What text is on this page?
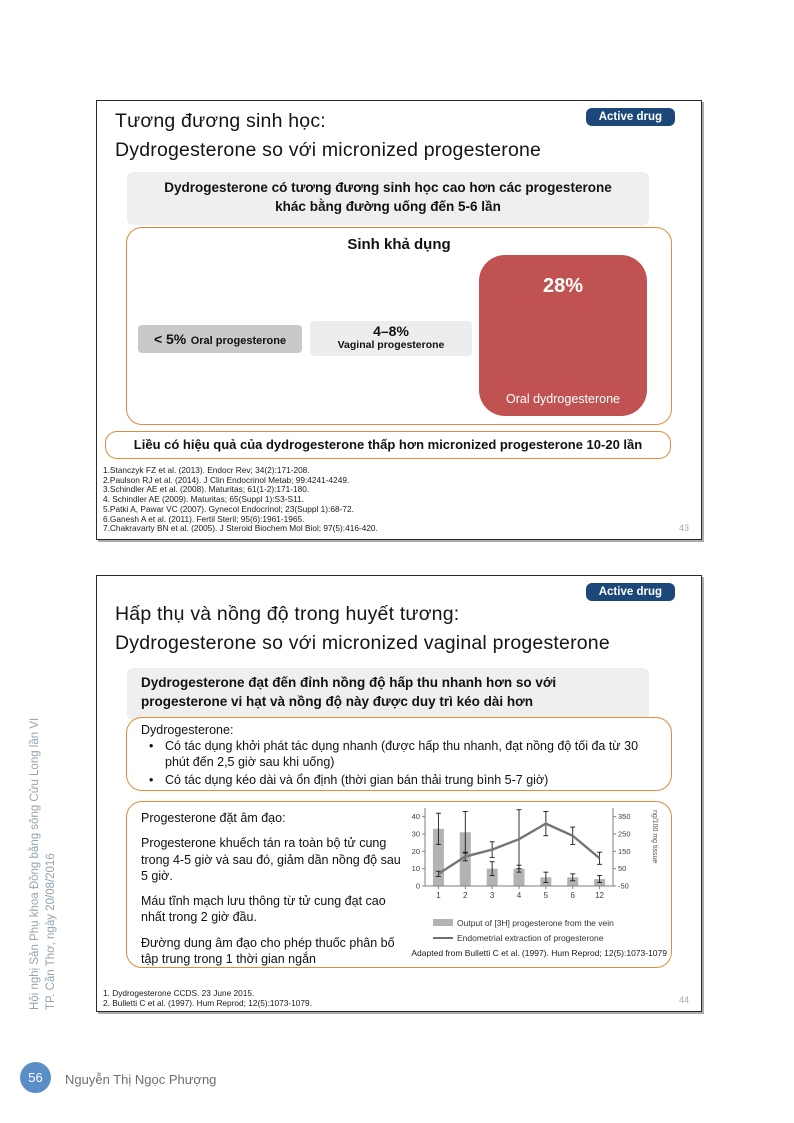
Hội nghị Sản Phụ khoa Đồng bằng sông Cửu Long lần VI TP. Cần Thơ, ngày 20/08/2016
Active drug
Tương đương sinh học:
Dydrogesterone so với micronized progesterone
Dydrogesterone có tương đương sinh học cao hơn các progesterone khác bằng đường uống đến 5-6 lần
Sinh khả dụng
< 5% Oral progesterone
4–8%
Vaginal progesterone
28%
Oral dydrogesterone
Liều có hiệu quả của dydrogesterone thấp hơn micronized progesterone 10-20 lần
1.Stanczyk FZ et al. (2013). Endocr Rev; 34(2):171-208.
2.Paulson RJ et al. (2014). J Clin Endocrinol Metab; 99:4241-4249.
3.Schindler AE et al. (2008). Maturitas; 61(1-2):171-180.
4. Schindler AE (2009). Maturitas; 65(Suppl 1):S3-S11.
5.Patki A, Pawar VC (2007). Gynecol Endocrinol; 23(Suppl 1):68-72.
6.Ganesh A et al. (2011). Fertil Steril; 95(6):1961-1965.
7.Chakravarty BN et al. (2005). J Steroid Biochem Mol Biol; 97(5):416-420.	43
Active drug
Hấp thụ và nồng độ trong huyết tương:
Dydrogesterone so với micronized vaginal progesterone
Dydrogesterone đạt đến đỉnh nồng độ hấp thu nhanh hơn so với progesterone vi hạt và nồng độ này được duy trì kéo dài hơn
Dydrogesterone:
• Có tác dụng khởi phát tác dụng nhanh (được hấp thu nhanh, đạt nồng độ tối đa từ 30 phút đến 2,5 giờ sau khi uống)
• Có tác dụng kéo dài và ổn định (thời gian bán thải trung bình 5-7 giờ)

Progesterone đặt âm đạo:

Progesterone khuếch tán ra toàn bộ tử cung trong 4-5 giờ và sau đó, giảm dần nồng độ sau 5 giờ.

Máu tĩnh mạch lưu thông từ tử cung đạt cao nhất trong 2 giờ đầu.

Đường dung âm đạo cho phép thuốc phân bố tập trung trong 1 thời gian ngắn

0
10
20
30
40
-50
50
150
250
350
1	2	3	4	5	6	12
ng/100 mg tissue
Output of [3H] progesterone from the vein
Endometrial extraction of progesterone
Adapted from Bulletti C et al. (1997). Hum Reprod; 12(5):1073-1079
1. Dydrogesterone CCDS. 23 June 2015.
2. Bulletti C et al. (1997). Hum Reprod; 12(5):1073-1079.	44
56	Nguyễn Thị Ngọc Phượng
